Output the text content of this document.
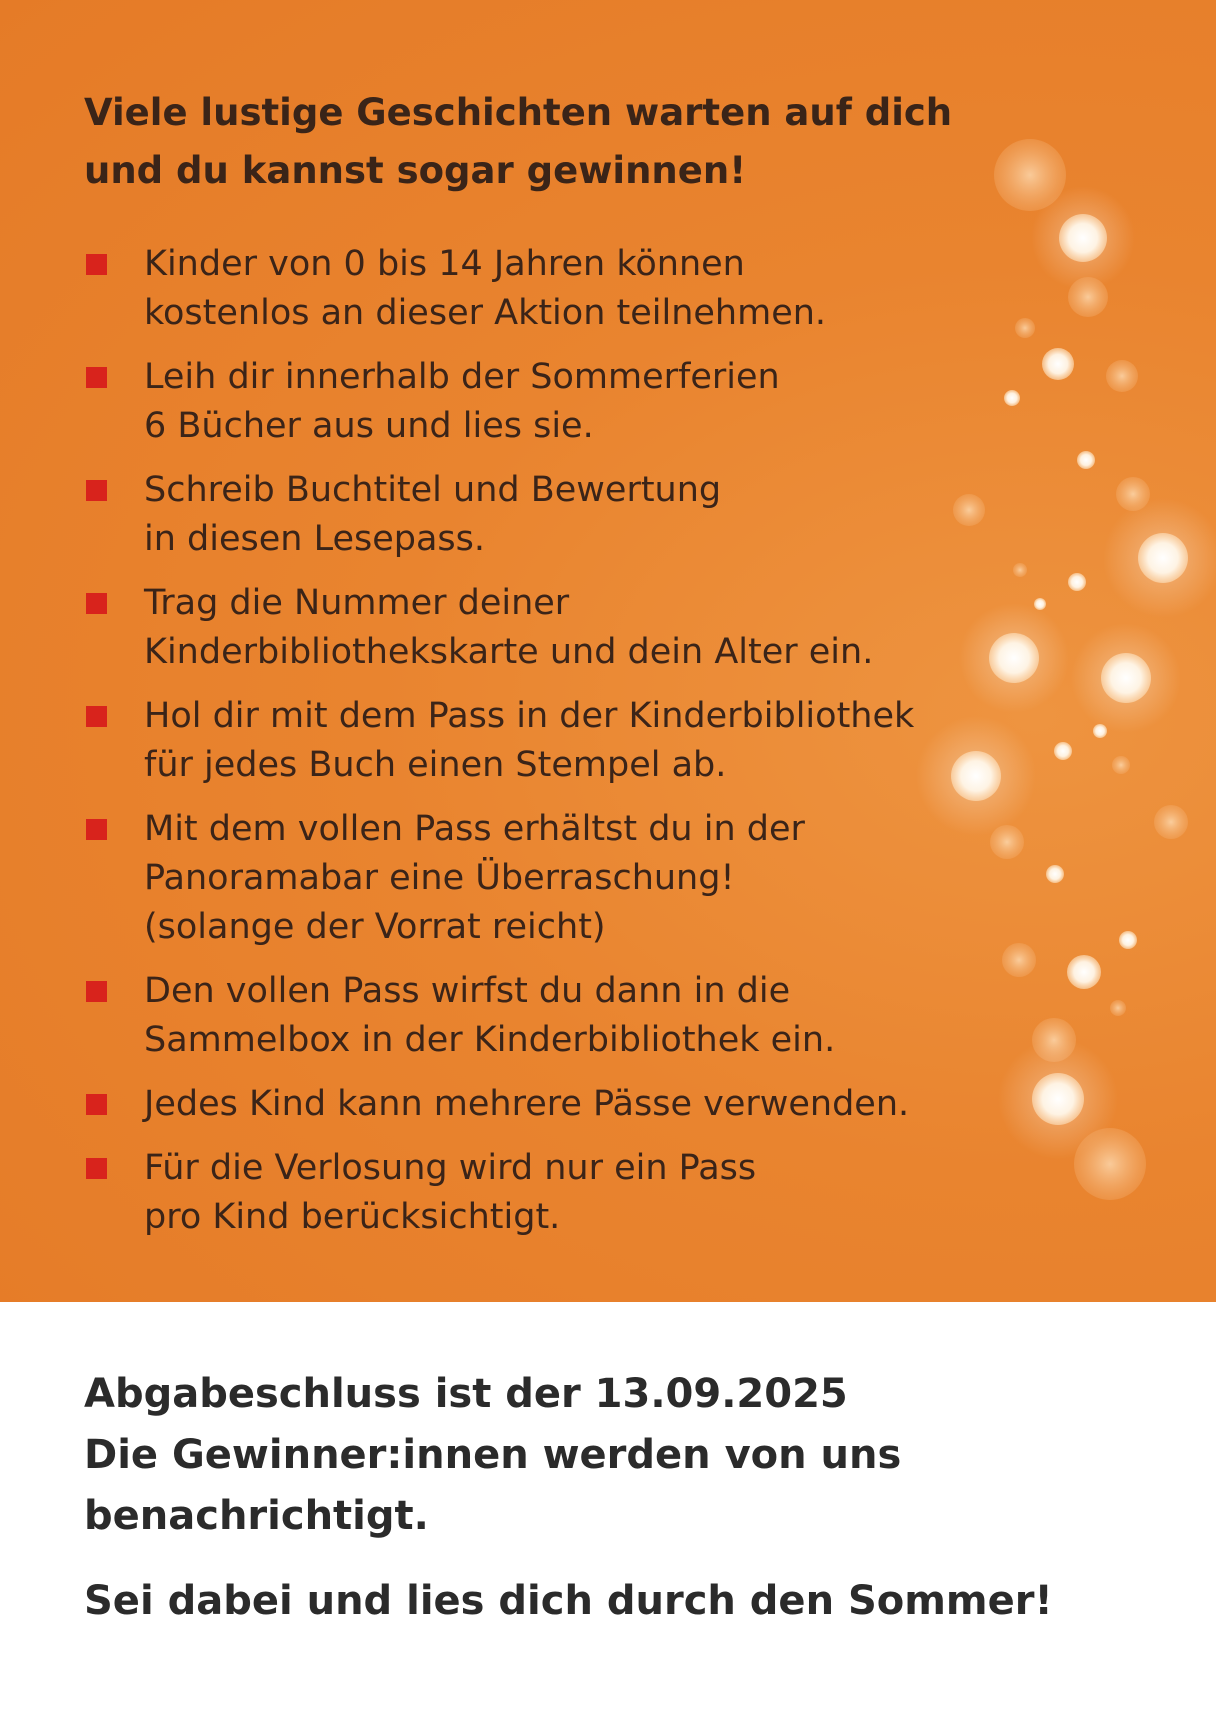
Viele lustige Geschichten warten auf dich und du kannst sogar gewinnen!
Kinder von 0 bis 14 Jahren können
kostenlos an dieser Aktion teilnehmen.
Leih dir innerhalb der Sommerferien
6 Bücher aus und lies sie.
Schreib Buchtitel und Bewertung
in diesen Lesepass.
Trag die Nummer deiner
Kinderbibliothekskarte und dein Alter ein.
Hol dir mit dem Pass in der Kinderbibliothek
für jedes Buch einen Stempel ab.
Mit dem vollen Pass erhältst du in der
Panoramabar eine Überraschung!
(solange der Vorrat reicht)
Den vollen Pass wirfst du dann in die
Sammelbox in der Kinderbibliothek ein.
Jedes Kind kann mehrere Pässe verwenden.
Für die Verlosung wird nur ein Pass
pro Kind berücksichtigt.

Abgabeschluss ist der 13.09.2025

Die Gewinner:innen werden von uns
benachrichtigt.

Sei dabei und lies dich durch den Sommer!
